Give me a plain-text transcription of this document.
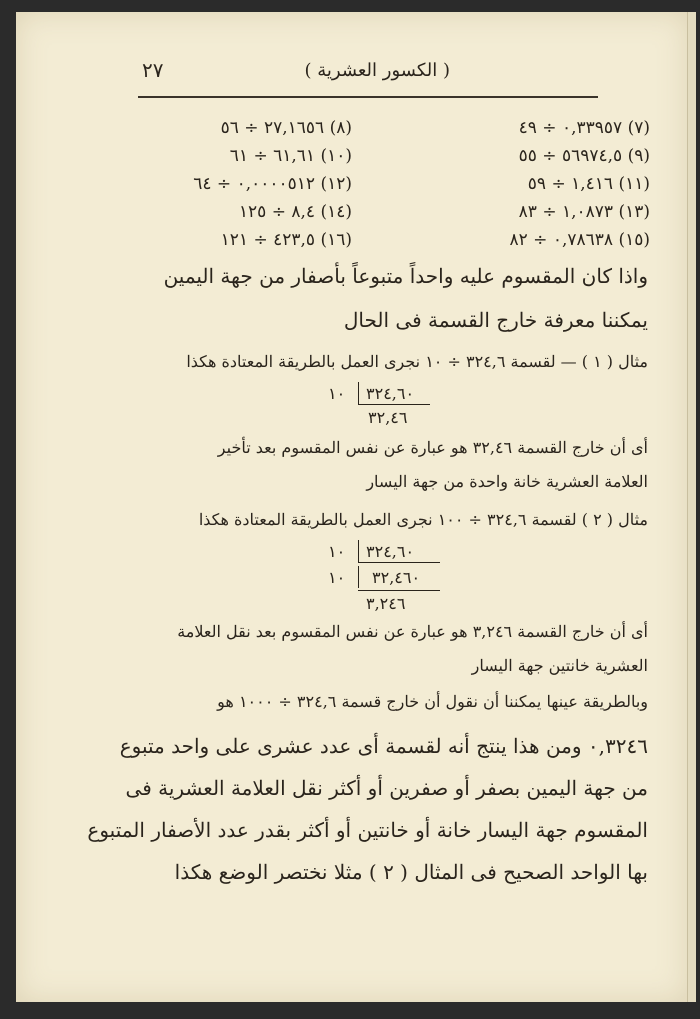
( الكسور العشرية )
٢٧
(٧) ٠,٣٣٩٥٧ ÷ ٤٩
(٩) ٥٦٩٧٤,٥ ÷ ٥٥
(١١) ١,٤١٦ ÷ ٥٩
(١٣) ١,٠٨٧٣ ÷ ٨٣
(١٥) ٠,٧٨٦٣٨ ÷ ٨٢
(٨) ٢٧,١٦٥٦ ÷ ٥٦
(١٠) ٦١,٦١ ÷ ٦١
(١٢) ٠,٠٠٠٠٥١٢ ÷ ٦٤
(١٤) ٨,٤ ÷ ١٢٥
(١٦) ٤٢٣,٥ ÷ ١٢١
واذا كان المقسوم عليه واحداً متبوعاً بأصفار من جهة اليمين
يمكننا معرفة خارج القسمة فى الحال
مثال ( ١ ) — لقسمة ٣٢٤,٦ ÷ ١٠ نجرى العمل بالطريقة المعتادة هكذا
١٠ ٣٢٤,٦٠
٣٢,٤٦
أى أن خارج القسمة ٣٢,٤٦ هو عبارة عن نفس المقسوم بعد تأخير
العلامة العشرية خانة واحدة من جهة اليسار
مثال ( ٢ ) لقسمة ٣٢٤,٦ ÷ ١٠٠ نجرى العمل بالطريقة المعتادة هكذا
١٠ ٣٢٤,٦٠
١٠ ٣٢,٤٦٠
٣,٢٤٦
أى أن خارج القسمة ٣,٢٤٦ هو عبارة عن نفس المقسوم بعد نقل العلامة
العشرية خانتين جهة اليسار
وبالطريقة عينها يمكننا أن نقول أن خارج قسمة ٣٢٤,٦ ÷ ١٠٠٠ هو
٠,٣٢٤٦ ومن هذا ينتج أنه لقسمة أى عدد عشرى على واحد متبوع
من جهة اليمين بصفر أو صفرين أو أكثر نقل العلامة العشرية فى
المقسوم جهة اليسار خانة أو خانتين أو أكثر بقدر عدد الأصفار المتبوع
بها الواحد الصحيح فى المثال ( ٢ ) مثلا نختصر الوضع هكذا
